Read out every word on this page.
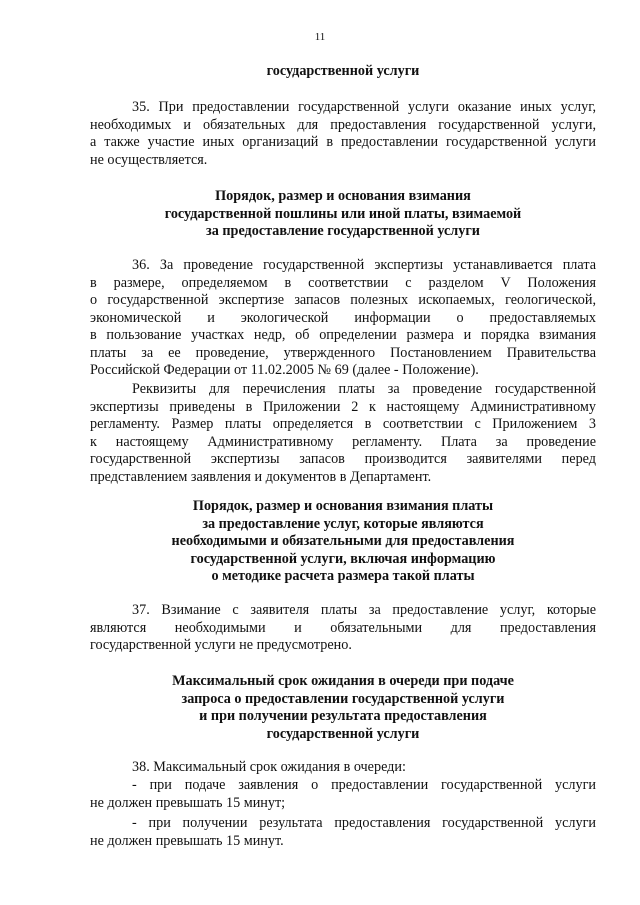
11
государственной услуги
35. При предоставлении государственной услуги оказание иных услуг,
необходимых и обязательных для предоставления государственной услуги,
а также участие иных организаций в предоставлении государственной услуги
не осуществляется.
Порядок, размер и основания взимания
государственной пошлины или иной платы, взимаемой
за предоставление государственной услуги
36. За проведение государственной экспертизы устанавливается плата
в размере, определяемом в соответствии с разделом V Положения
о государственной экспертизе запасов полезных ископаемых, геологической,
экономической и экологической информации о предоставляемых
в пользование участках недр, об определении размера и порядка взимания
платы за ее проведение, утвержденного Постановлением Правительства
Российской Федерации от 11.02.2005 № 69 (далее - Положение).
Реквизиты для перечисления платы за проведение государственной
экспертизы приведены в Приложении 2 к настоящему Административному
регламенту. Размер платы определяется в соответствии с Приложением 3
к настоящему Административному регламенту. Плата за проведение
государственной экспертизы запасов производится заявителями перед
представлением заявления и документов в Департамент.
Порядок, размер и основания взимания платы
за предоставление услуг, которые являются
необходимыми и обязательными для предоставления
государственной услуги, включая информацию
о методике расчета размера такой платы
37. Взимание с заявителя платы за предоставление услуг, которые
являются необходимыми и обязательными для предоставления
государственной услуги не предусмотрено.
Максимальный срок ожидания в очереди при подаче
запроса о предоставлении государственной услуги
и при получении результата предоставления
государственной услуги
38. Максимальный срок ожидания в очереди:
- при подаче заявления о предоставлении государственной услуги
не должен превышать 15 минут;
- при получении результата предоставления государственной услуги
не должен превышать 15 минут.
